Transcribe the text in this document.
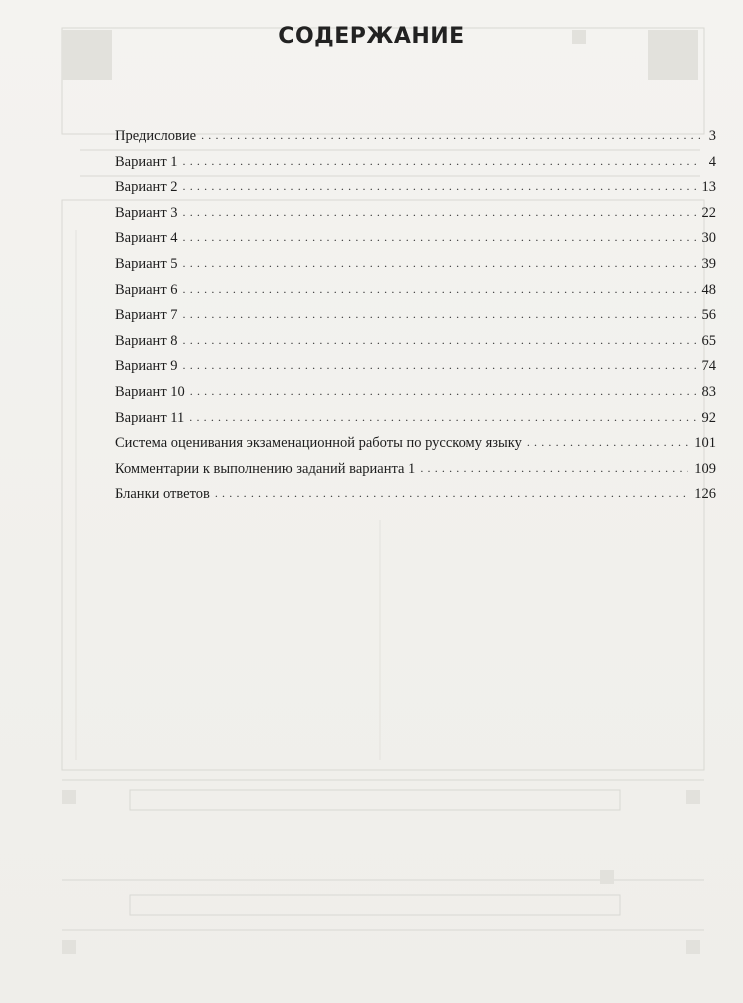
СОДЕРЖАНИЕ
Предисловие . . .	3
Вариант 1 . . .	4
Вариант 2 . . .	13
Вариант 3 . . .	22
Вариант 4 . . .	30
Вариант 5 . . .	39
Вариант 6 . . .	48
Вариант 7 . . .	56
Вариант 8 . . .	65
Вариант 9 . . .	74
Вариант 10 . . .	83
Вариант 11 . . .	92
Система оценивания экзаменационной работы по русскому языку . . .	101
Комментарии к выполнению заданий варианта 1 . . .	109
Бланки ответов . . .	126
